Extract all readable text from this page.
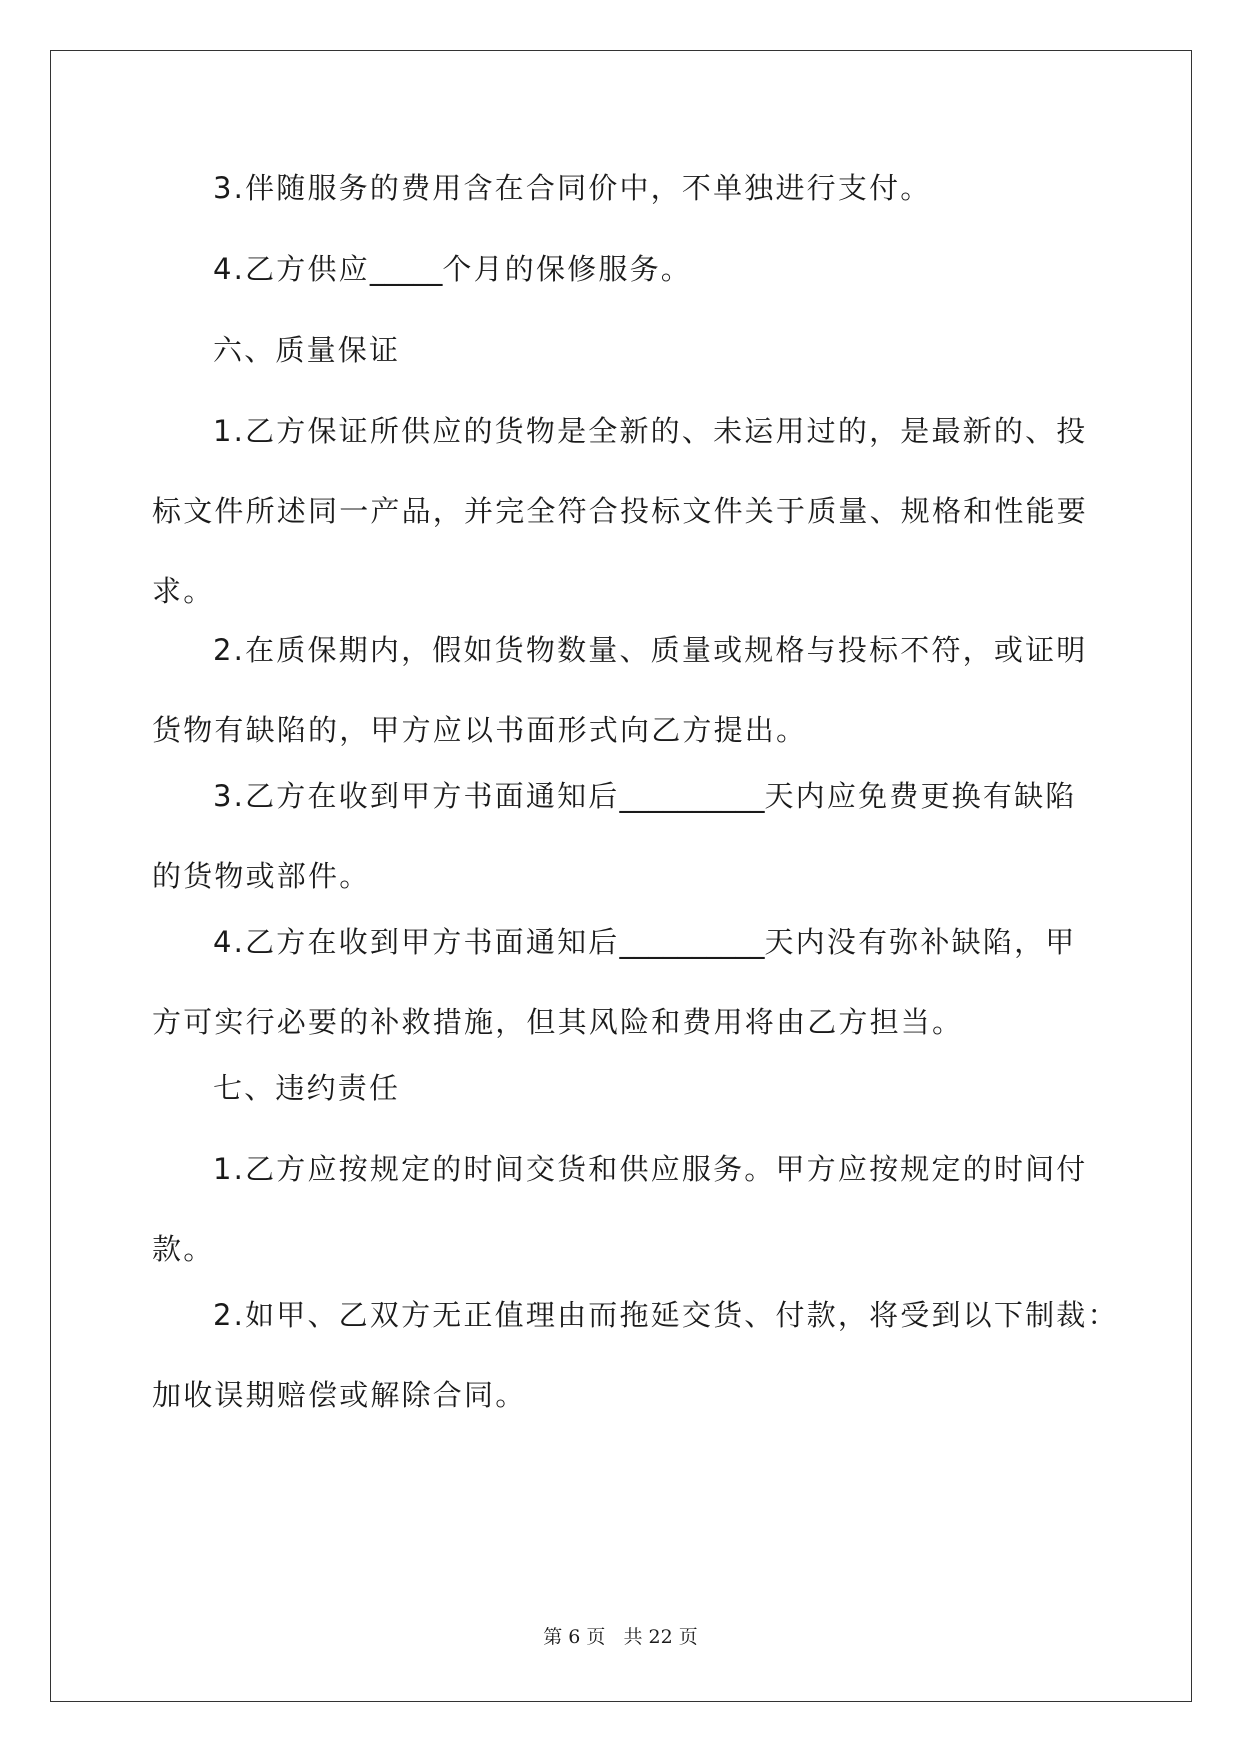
3.伴随服务的费用含在合同价中，不单独进行支付。
4.乙方供应_____个月的保修服务。
六、质量保证
1.乙方保证所供应的货物是全新的、未运用过的，是最新的、投
标文件所述同一产品，并完全符合投标文件关于质量、规格和性能要
求。
2.在质保期内，假如货物数量、质量或规格与投标不符，或证明
货物有缺陷的，甲方应以书面形式向乙方提出。
3.乙方在收到甲方书面通知后__________天内应免费更换有缺陷
的货物或部件。
4.乙方在收到甲方书面通知后__________天内没有弥补缺陷，甲
方可实行必要的补救措施，但其风险和费用将由乙方担当。
七、违约责任
1.乙方应按规定的时间交货和供应服务。甲方应按规定的时间付
款。
2.如甲、乙双方无正值理由而拖延交货、付款，将受到以下制裁：
加收误期赔偿或解除合同。
第 6 页 共 22 页
